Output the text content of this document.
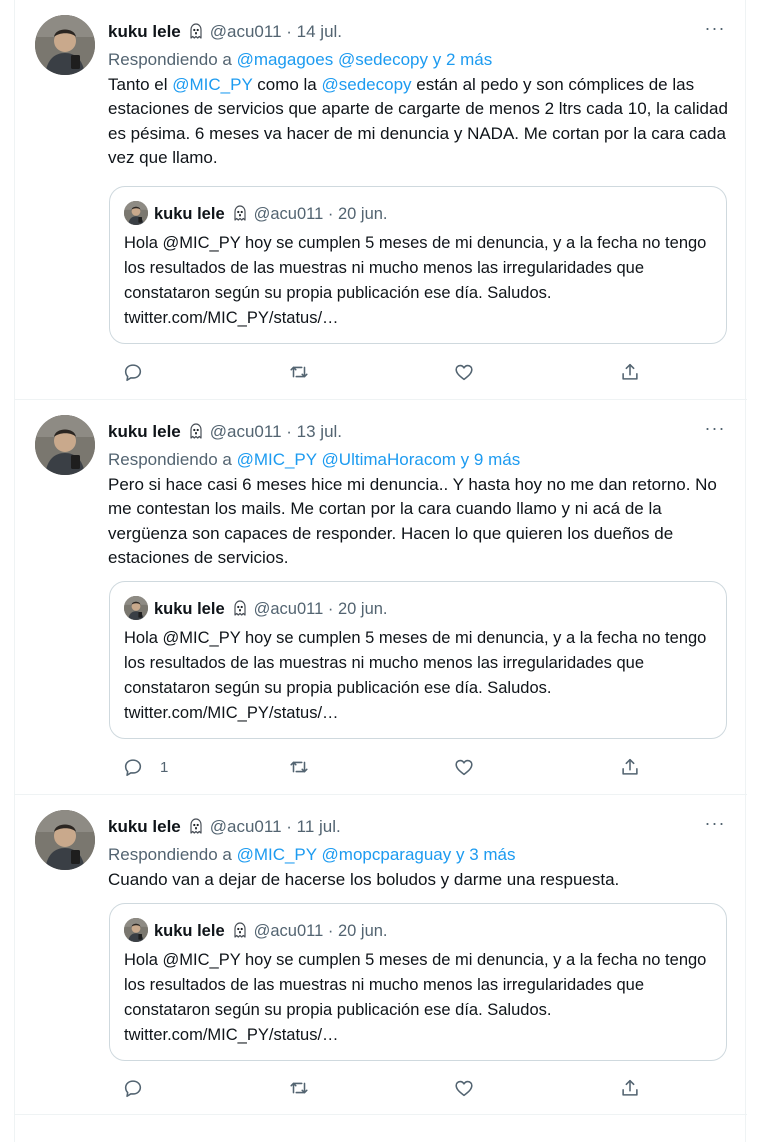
kuku lele @acu011 · 14 jul.	···
Respondiendo a @magagoes @sedecopy y 2 más
Tanto el @MIC_PY como la @sedecopy están al pedo y son cómplices de las estaciones de servicios que aparte de cargarte de menos 2 ltrs cada 10, la calidad es pésima. 6 meses va hacer de mi denuncia y NADA. Me cortan por la cara cada vez que llamo.
kuku lele @acu011 · 20 jun.
Hola @MIC_PY hoy se cumplen 5 meses de mi denuncia, y a la fecha no tengo los resultados de las muestras ni mucho menos las irregularidades que constataron según su propia publicación ese día. Saludos. twitter.com/MIC_PY/status/…
kuku lele @acu011 · 13 jul.	···
Respondiendo a @MIC_PY @UltimaHoracom y 9 más
Pero si hace casi 6 meses hice mi denuncia.. Y hasta hoy no me dan retorno. No me contestan los mails. Me cortan por la cara cuando llamo y ni acá de la vergüenza son capaces de responder. Hacen lo que quieren los dueños de estaciones de servicios.
kuku lele @acu011 · 20 jun.
Hola @MIC_PY hoy se cumplen 5 meses de mi denuncia, y a la fecha no tengo los resultados de las muestras ni mucho menos las irregularidades que constataron según su propia publicación ese día. Saludos. twitter.com/MIC_PY/status/…
1
kuku lele @acu011 · 11 jul.	···
Respondiendo a @MIC_PY @mopcparaguay y 3 más
Cuando van a dejar de hacerse los boludos y darme una respuesta.
kuku lele @acu011 · 20 jun.
Hola @MIC_PY hoy se cumplen 5 meses de mi denuncia, y a la fecha no tengo los resultados de las muestras ni mucho menos las irregularidades que constataron según su propia publicación ese día. Saludos. twitter.com/MIC_PY/status/…
